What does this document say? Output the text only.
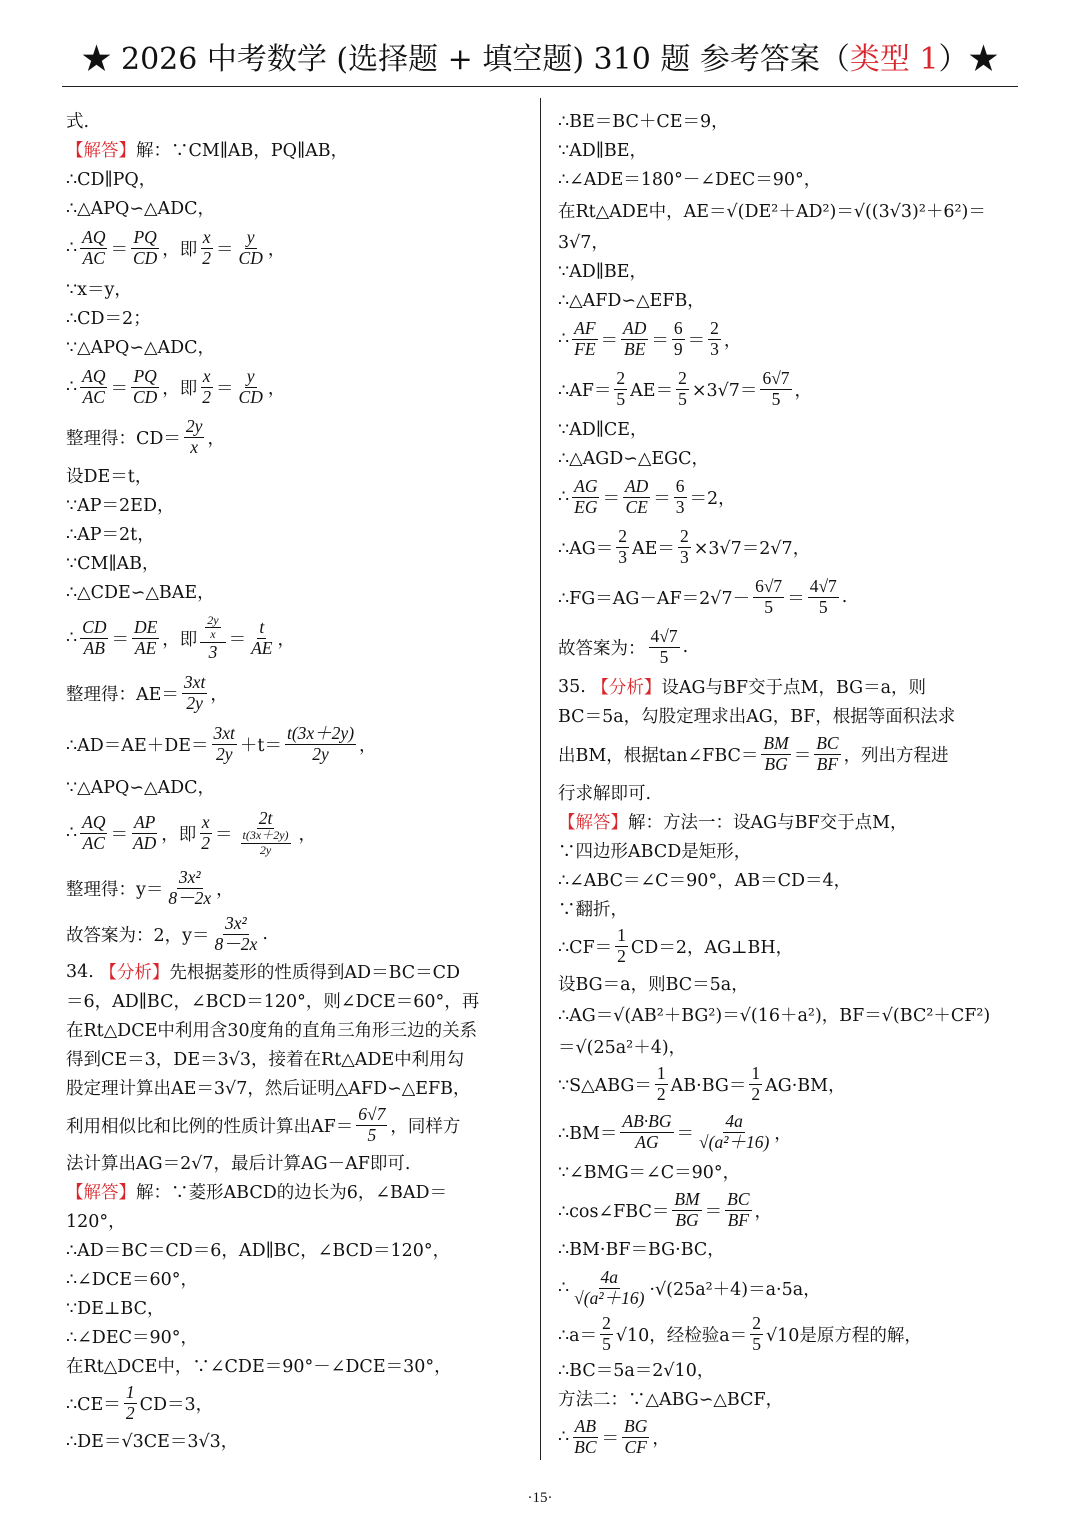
★ 2026 中考数学 (选择题 + 填空题) 310 题 参考答案（类型 1）★
式.
【解答】 解：∵CM∥AB，PQ∥AB，
∴CD∥PQ，
∴△APQ∽△ADC，
∴ $\frac{AQ}{AC} = \frac{PQ}{CD}$ ，即 $\frac{x}{2} = \frac{y}{CD}$ ，
∵x＝y，
∴CD＝2；
∵△APQ∽△ADC，
∴ $\frac{AQ}{AC} = \frac{PQ}{CD}$ ，即 $\frac{x}{2} = \frac{y}{CD}$ ，
整理得：$CD= \frac{2y}{x}$ ，
设DE＝t，
∵AP＝2ED，
∴AP＝2t，
∵CM∥AB，
∴△CDE∽△BAE，
∴ $\frac{CD}{AB} = \frac{DE}{AE}$ ，即 $\frac{\frac{2y}{x}}{3} = \frac{t}{AE}$ ，
整理得：$AE= \frac{3xt}{2y}$ ，
∴AD＝AE＋DE＝ $\frac{3xt}{2y} +t= \frac{t(3x+2y)}{2y}$ ，
∵△APQ∽△ADC，
∴ $\frac{AQ}{AC} = \frac{AP}{AD}$ ，即 $\frac{x}{2} = \frac{2t}{\frac{t(3x+2y)}{2y}}$ ，
整理得：$y= \frac{\text{3x²}}{8-2x}$ ，
故答案为：2，$y= \frac{\text{3x²}}{8-2x}$ .
34.
【分析】 先根据菱形的性质得到AD＝BC＝CD
＝6，AD∥BC，∠BCD＝120°，则∠DCE＝60°，再
在Rt△DCE中利用含30度角的直角三角形三边的关系
得到CE＝3，DE＝3√3，接着在Rt△ADE中利用勾
股定理计算出AE＝3√7，然后证明△AFD∽△EFB，
利用相似比和比例的性质计算出$AF= \frac{6√7}{5}$ ，同样方
法计算出AG＝2√7，最后计算AG－AF即可.
【解答】 解：∵菱形ABCD的边长为6，∠BAD＝
120°，
∴AD＝BC＝CD＝6，AD∥BC，∠BCD＝120°，
∴∠DCE＝60°，
∵DE⊥BC，
∴∠DEC＝90°，
在Rt△DCE中，∵∠CDE＝90°－∠DCE＝30°，
∴CE＝ $\frac{1}{2} CD=3$，
∴DE＝√3CE＝3√3，
∴BE＝BC＋CE＝9，
∵AD∥BE，
∴∠ADE＝180°－∠DEC＝90°，
在Rt△ADE中，AE＝√(DE²＋AD²)＝√((3√3)²＋6²)＝
3√7，
∵AD∥BE，
∴△AFD∽△EFB，
∴ $\frac{AF}{FE} = \frac{AD}{BE} = \frac{6}{9} = \frac{2}{3}$ ，
∴AF＝ $\frac{2}{5} AE= \frac{2}{5} \times 3√7= \frac{6√7}{5}$ ，
∵AD∥CE，
∴△AGD∽△EGC，
∴ $\frac{AG}{EG} = \frac{AD}{CE} = \frac{6}{3} =2$，
∴AG＝ $\frac{2}{3} AE= \frac{2}{3} \times 3√7=2√7$，
∴FG＝AG－AF＝2√7－ $\frac{6√7}{5} = \frac{4√7}{5}$ .
故答案为： $\frac{4√7}{5}$ .
35.
【分析】 设AG与BF交于点M，BG＝a，则
BC＝5a，勾股定理求出AG，BF，根据等面积法求
出BM，根据tan∠FBC＝ $\frac{BM}{BG} = \frac{BC}{BF}$ ，列出方程进
行求解即可.
【解答】 解：方法一：设AG与BF交于点M，
∵四边形ABCD是矩形，
∴∠ABC＝∠C＝90°，AB＝CD＝4，
∵翻折，
∴CF＝ $\frac{1}{2} CD=2$，AG⊥BH，
设BG＝a，则BC＝5a，
∴AG＝√(AB²＋BG²)＝√(16＋a²)，BF＝√(BC²＋CF²)
＝√(25a²＋4)，
∵S△ABG＝ $\frac{1}{2} AB\cdot BG= \frac{1}{2} AG\cdot BM$，
∴BM＝ $\frac{AB\cdot BG}{AG} = \frac{4a}{\text{√(a²＋16)}}$ ，
∵∠BMG＝∠C＝90°，
∴cos∠FBC＝ $\frac{BM}{BG} = \frac{BC}{BF}$ ，
∴BM·BF＝BG·BC，
∴ $\frac{4a}{\text{√(a²＋16)}} \cdot√(25a^2+4)=a\cdot 5a$，
∴a＝ $\frac{2}{5} √10$，经检验$a= \frac{2}{5} √10$是原方程的解，
∴BC＝5a＝2√10，
方法二：∵△ABG∽△BCF，
∴ $\frac{AB}{BC} = \frac{BG}{CF}$ ，
·15·
